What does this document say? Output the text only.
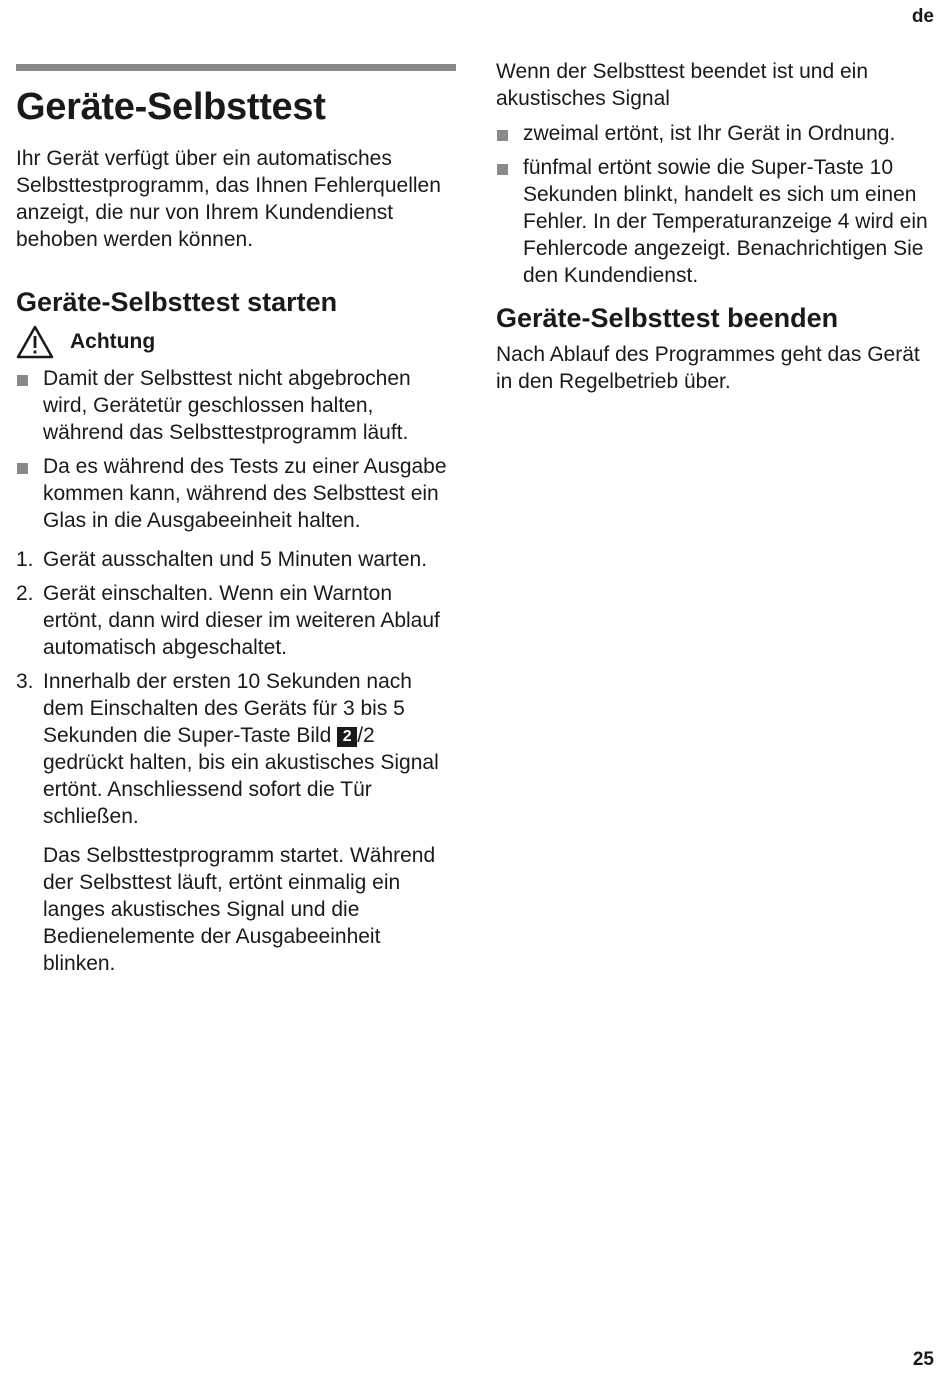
de
Geräte-Selbsttest

Ihr Gerät verfügt über ein automatisches Selbsttestprogramm, das Ihnen Fehlerquellen anzeigt, die nur von Ihrem Kundendienst behoben werden können.

Geräte-Selbsttest starten
Achtung
Damit der Selbsttest nicht abgebrochen wird, Gerätetür geschlossen halten, während das Selbsttestprogramm läuft.
Da es während des Tests zu einer Ausgabe kommen kann, während des Selbsttest ein Glas in die Ausgabeeinheit halten.
1. Gerät ausschalten und 5 Minuten warten.
2. Gerät einschalten. Wenn ein Warnton ertönt, dann wird dieser im weiteren Ablauf automatisch abgeschaltet.
3. Innerhalb der ersten 10 Sekunden nach dem Einschalten des Geräts für 3 bis 5 Sekunden die Super-Taste Bild 2 /2 gedrückt halten, bis ein akustisches Signal ertönt. Anschliessend sofort die Tür schließen.

Das Selbsttestprogramm startet. Während der Selbsttest läuft, ertönt einmalig ein langes akustisches Signal und die Bedienelemente der Ausgabeeinheit blinken.

Wenn der Selbsttest beendet ist und ein akustisches Signal

zweimal ertönt, ist Ihr Gerät in Ordnung.
fünfmal ertönt sowie die Super-Taste 10 Sekunden blinkt, handelt es sich um einen Fehler. In der Temperaturanzeige 4 wird ein Fehlercode angezeigt. Benachrichtigen Sie den Kundendienst.
Geräte-Selbsttest beenden

Nach Ablauf des Programmes geht das Gerät in den Regelbetrieb über.

25
